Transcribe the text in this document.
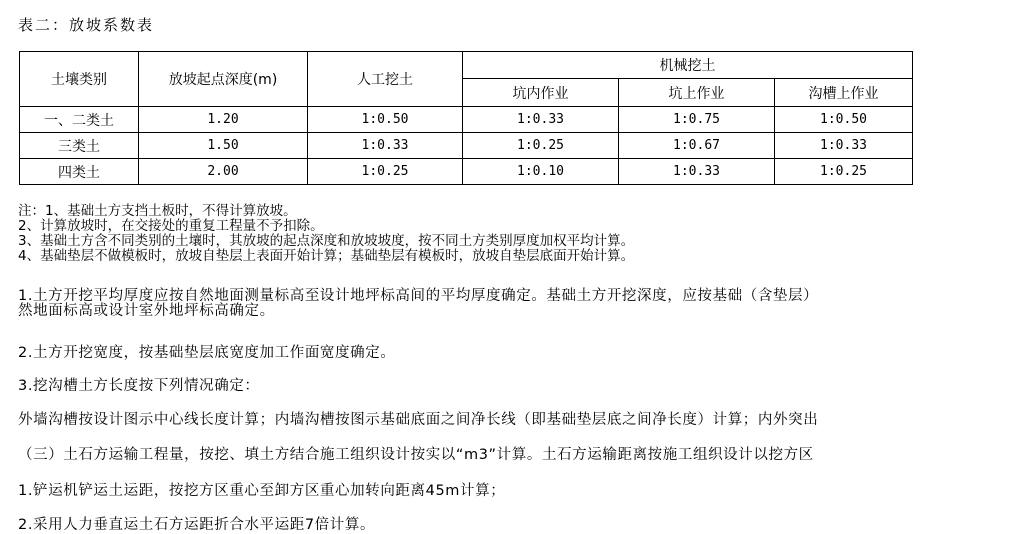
表二：放坡系数表
土壤类别	放坡起点深度(m)	人工挖土	机械挖土		
			坑内作业	坑上作业	沟槽上作业
一、二类土	1.20	1:0.50	1:0.33	1:0.75	1:0.50
三类土	1.50	1:0.33	1:0.25	1:0.67	1:0.33
四类土	2.00	1:0.25	1:0.10	1:0.33	1:0.25
注：1、基础土方支挡土板时，不得计算放坡。
2、计算放坡时，在交接处的重复工程量不予扣除。
3、基础土方含不同类别的土壤时，其放坡的起点深度和放坡坡度，按不同土方类别厚度加权平均计算。
4、基础垫层不做模板时，放坡自垫层上表面开始计算；基础垫层有模板时，放坡自垫层底面开始计算。
1.土方开挖平均厚度应按自然地面测量标高至设计地坪标高间的平均厚度确定。基础土方开挖深度，应按基础（含垫层）
然地面标高或设计室外地坪标高确定。
2.土方开挖宽度，按基础垫层底宽度加工作面宽度确定。
3.挖沟槽土方长度按下列情况确定：
外墙沟槽按设计图示中心线长度计算；内墙沟槽按图示基础底面之间净长线（即基础垫层底之间净长度）计算；内外突出
（三）土石方运输工程量，按挖、填土方结合施工组织设计按实以“m3”计算。土石方运输距离按施工组织设计以挖方区
1.铲运机铲运土运距，按挖方区重心至卸方区重心加转向距离45m计算；
2.采用人力垂直运土石方运距折合水平运距7倍计算。
